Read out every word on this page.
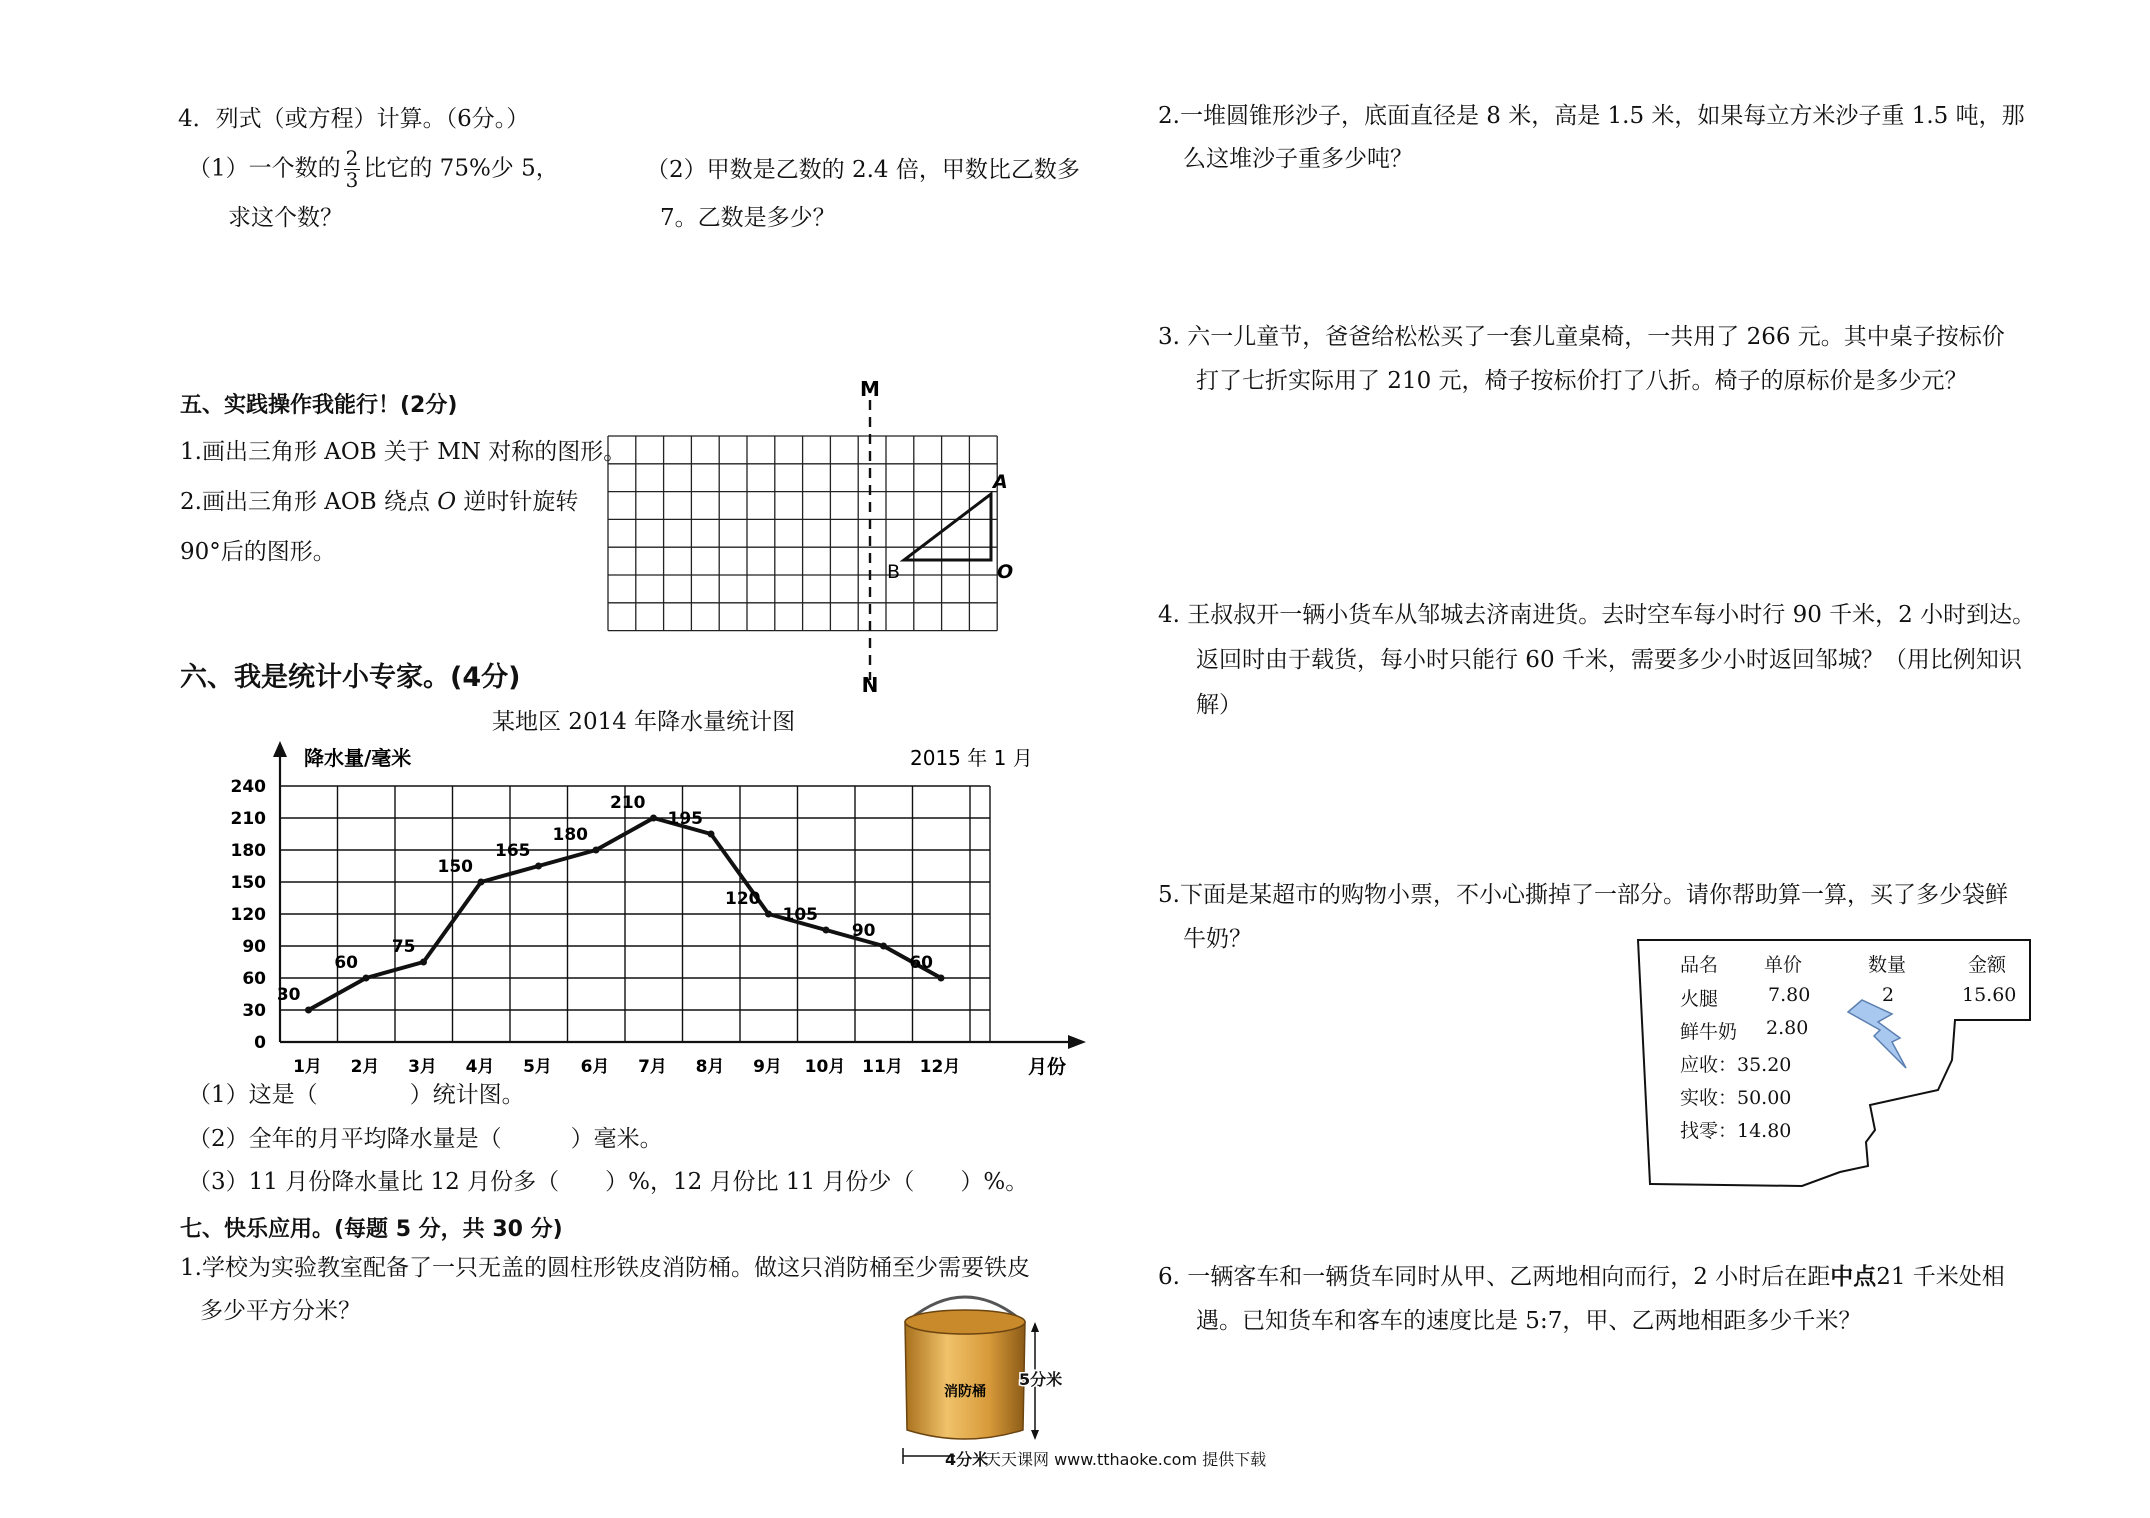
4．列式（或方程）计算。（6分。）
（1）一个数的 $\frac{2}{3}$ 比它的 75%少 5，
求这个数？
（2）甲数是乙数的 2.4 倍，甲数比乙数多
7。乙数是多少？
五、实践操作我能行！(2分)
1.画出三角形 AOB 关于 MN 对称的图形。
2.画出三角形 AOB 绕点 O 逆时针旋转
90°后的图形。
M
N
A
B	O
六、我是统计小专家。(4分)
某地区 2014 年降水量统计图
0
30
60
90
120
150
180
210
240
1月 2月 3月 4月 5月 6月 7月 8月 9月 10月 11月 12月
30
60
75
150
165
180
210
195
120
105
90
60
降水量/毫米
月份
2015 年 1 月
（1）这是（　　　　）统计图。
（2）全年的月平均降水量是（　　　）毫米。
（3）11 月份降水量比 12 月份多（　　）%，12 月份比 11 月份少（　　）%。
七、快乐应用。(每题 5 分，共 30 分)
1.学校为实验教室配备了一只无盖的圆柱形铁皮消防桶。做这只消防桶至少需要铁皮
多少平方分米？
消防桶
5分米
4分米
天天课网 www.tthaoke.com 提供下载
2.一堆圆锥形沙子，底面直径是 8 米，高是 1.5 米，如果每立方米沙子重 1.5 吨，那
么这堆沙子重多少吨？
3. 六一儿童节，爸爸给松松买了一套儿童桌椅，一共用了 266 元。其中桌子按标价
打了七折实际用了 210 元，椅子按标价打了八折。椅子的原标价是多少元？
4. 王叔叔开一辆小货车从邹城去济南进货。去时空车每小时行 90 千米，2 小时到达。
返回时由于载货，每小时只能行 60 千米，需要多少小时返回邹城？（用比例知识
解）
5.下面是某超市的购物小票，不小心撕掉了一部分。请你帮助算一算，买了多少袋鲜
牛奶？
品名 单价	数量	金额
火腿	7.80	2	15.60
鲜牛奶 2.80
应收：35.20
实收：50.00
找零：14.80
6. 一辆客车和一辆货车同时从甲、乙两地相向而行，2 小时后在距中点21 千米处相
遇。已知货车和客车的速度比是 5:7，甲、乙两地相距多少千米？
